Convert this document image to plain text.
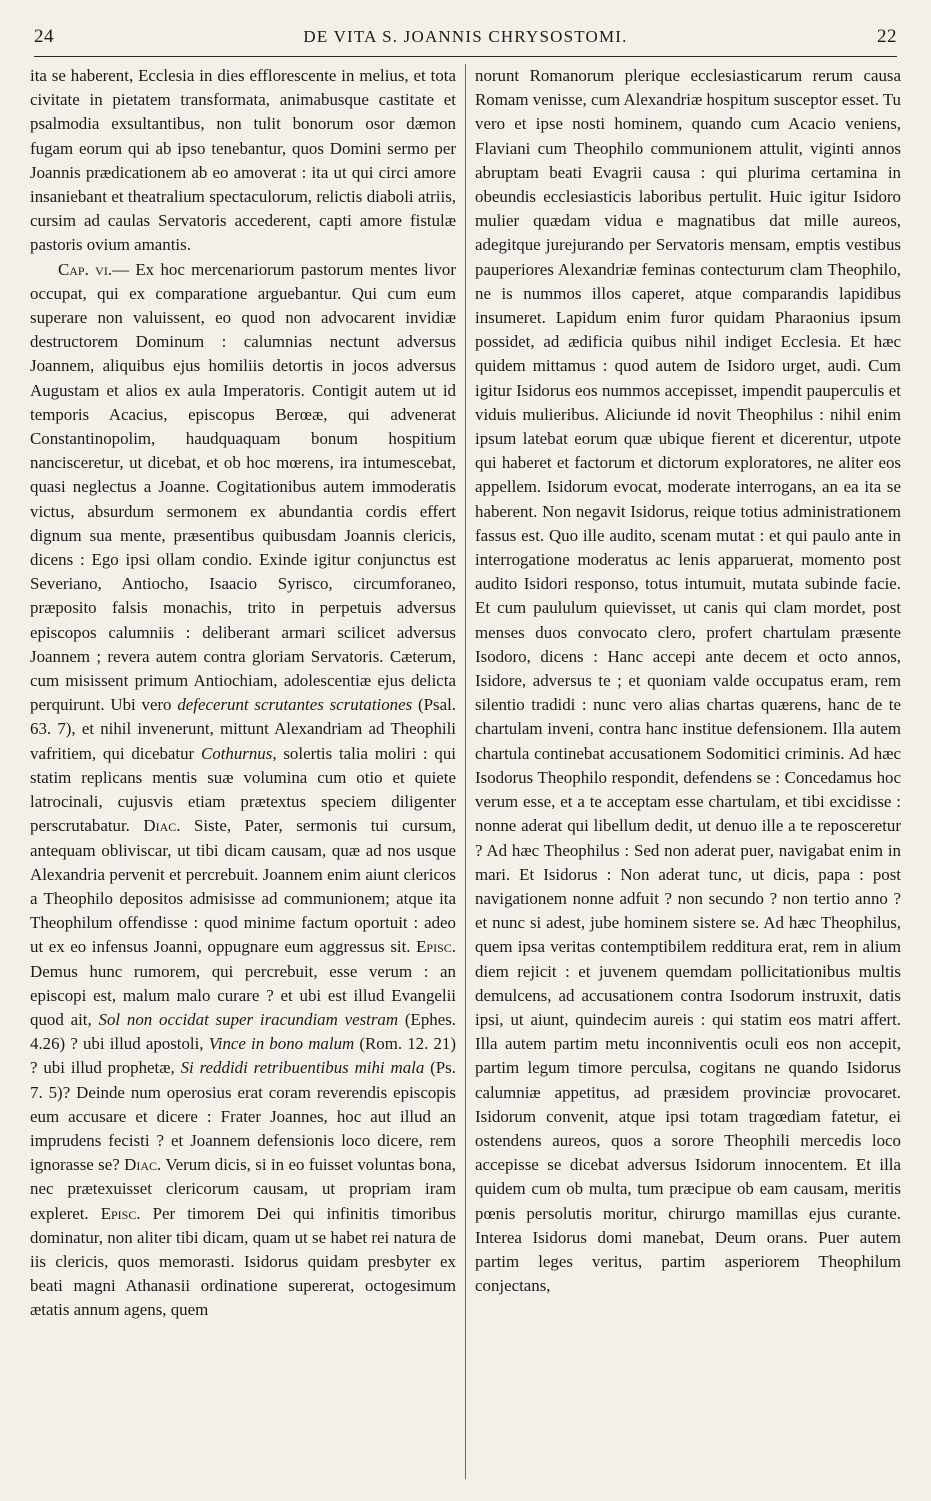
24	DE VITA S. JOANNIS CHRYSOSTOMI.	22

ita se haberent, Ecclesia in dies efflorescente in melius, et tota civitate in pietatem transformata, animabusque castitate et psalmodia exsultantibus, non tulit bonorum osor dæmon fugam eorum qui ab ipso tenebantur, quos Domini sermo per Joannis prædicationem ab eo amoverat : ita ut qui circi amore insaniebant et theatralium spectaculorum, relictis diaboli atriis, cursim ad caulas Servatoris accederent, capti amore fistulæ pastoris ovium amantis.

Cap. vi.— Ex hoc mercenariorum pastorum mentes livor occupat, qui ex comparatione arguebantur. Qui cum eum superare non valuissent, eo quod non advocarent invidiæ destructorem Dominum : calumnias nectunt adversus Joannem, aliquibus ejus homiliis detortis in jocos adversus Augustam et alios ex aula Imperatoris. Contigit autem ut id temporis Acacius, episcopus Berœæ, qui advenerat Constantinopolim, haudquaquam bonum hospitium nancisceretur, ut dicebat, et ob hoc mœrens, ira intumescebat, quasi neglectus a Joanne. Cogitationibus autem immoderatis victus, absurdum sermonem ex abundantia cordis effert dignum sua mente, præsentibus quibusdam Joannis clericis, dicens : Ego ipsi ollam condio. Exinde igitur conjunctus est Severiano, Antiocho, Isaacio Syrisco, circumforaneo, præposito falsis monachis, trito in perpetuis adversus episcopos calumniis : deliberant armari scilicet adversus Joannem ; revera autem contra gloriam Servatoris. Cæterum, cum misissent primum Antiochiam, adolescentiæ ejus delicta perquirunt. Ubi vero defecerunt scrutantes scrutationes (Psal. 63. 7), et nihil invenerunt, mittunt Alexandriam ad Theophili vafritiem, qui dicebatur Cothurnus, solertis talia moliri : qui statim replicans mentis suæ volumina cum otio et quiete latrocinali, cujusvis etiam prætextus speciem diligenter perscrutabatur. Diac. Siste, Pater, sermonis tui cursum, antequam obliviscar, ut tibi dicam causam, quæ ad nos usque Alexandria pervenit et percrebuit. Joannem enim aiunt clericos a Theophilo depositos admisisse ad communionem; atque ita Theophilum offendisse : quod minime factum oportuit : adeo ut ex eo infensus Joanni, oppugnare eum aggressus sit. Episc. Demus hunc rumorem, qui percrebuit, esse verum : an episcopi est, malum malo curare ? et ubi est illud Evangelii quod ait, Sol non occidat super iracundiam vestram (Ephes. 4.26) ? ubi illud apostoli, Vince in bono malum (Rom. 12. 21) ? ubi illud prophetæ, Si reddidi retribuentibus mihi mala (Ps. 7. 5)? Deinde num operosius erat coram reverendis episcopis eum accusare et dicere : Frater Joannes, hoc aut illud an imprudens fecisti ? et Joannem defensionis loco dicere, rem ignorasse se? Diac. Verum dicis, si in eo fuisset voluntas bona, nec prætexuisset clericorum causam, ut propriam iram expleret. Episc. Per timorem Dei qui infinitis timoribus dominatur, non aliter tibi dicam, quam ut se habet rei natura de iis clericis, quos memorasti. Isidorus quidam presbyter ex beati magni Athanasii ordinatione supererat, octogesimum ætatis annum agens, quem

norunt Romanorum plerique ecclesiasticarum rerum causa Romam venisse, cum Alexandriæ hospitum susceptor esset. Tu vero et ipse nosti hominem, quando cum Acacio veniens, Flaviani cum Theophilo communionem attulit, viginti annos abruptam beati Evagrii causa : qui plurima certamina in obeundis ecclesiasticis laboribus pertulit. Huic igitur Isidoro mulier quædam vidua e magnatibus dat mille aureos, adegitque jurejurando per Servatoris mensam, emptis vestibus pauperiores Alexandriæ feminas contecturum clam Theophilo, ne is nummos illos caperet, atque comparandis lapidibus insumeret. Lapidum enim furor quidam Pharaonius ipsum possidet, ad ædificia quibus nihil indiget Ecclesia. Et hæc quidem mittamus : quod autem de Isidoro urget, audi. Cum igitur Isidorus eos nummos accepisset, impendit pauperculis et viduis mulieribus. Aliciunde id novit Theophilus : nihil enim ipsum latebat eorum quæ ubique fierent et dicerentur, utpote qui haberet et factorum et dictorum exploratores, ne aliter eos appellem. Isidorum evocat, moderate interrogans, an ea ita se haberent. Non negavit Isidorus, reique totius administrationem fassus est. Quo ille audito, scenam mutat : et qui paulo ante in interrogatione moderatus ac lenis apparuerat, momento post audito Isidori responso, totus intumuit, mutata subinde facie. Et cum paululum quievisset, ut canis qui clam mordet, post menses duos convocato clero, profert chartulam præsente Isodoro, dicens : Hanc accepi ante decem et octo annos, Isidore, adversus te ; et quoniam valde occupatus eram, rem silentio tradidi : nunc vero alias chartas quærens, hanc de te chartulam inveni, contra hanc institue defensionem. Illa autem chartula continebat accusationem Sodomitici criminis. Ad hæc Isodorus Theophilo respondit, defendens se : Concedamus hoc verum esse, et a te acceptam esse chartulam, et tibi excidisse : nonne aderat qui libellum dedit, ut denuo ille a te reposceretur ? Ad hæc Theophilus : Sed non aderat puer, navigabat enim in mari. Et Isidorus : Non aderat tunc, ut dicis, papa : post navigationem nonne adfuit ? non secundo ? non tertio anno ? et nunc si adest, jube hominem sistere se. Ad hæc Theophilus, quem ipsa veritas contemptibilem redditura erat, rem in alium diem rejicit : et juvenem quemdam pollicitationibus multis demulcens, ad accusationem contra Isodorum instruxit, datis ipsi, ut aiunt, quindecim aureis : qui statim eos matri affert. Illa autem partim metu inconniventis oculi eos non accepit, partim legum timore perculsa, cogitans ne quando Isidorus calumniæ appetitus, ad præsidem provinciæ provocaret. Isidorum convenit, atque ipsi totam tragœdiam fatetur, ei ostendens aureos, quos a sorore Theophili mercedis loco accepisse se dicebat adversus Isidorum innocentem. Et illa quidem cum ob multa, tum præcipue ob eam causam, meritis pœnis persolutis moritur, chirurgo mamillas ejus curante. Interea Isidorus domi manebat, Deum orans. Puer autem partim leges veritus, partim asperiorem Theophilum conjectans,
